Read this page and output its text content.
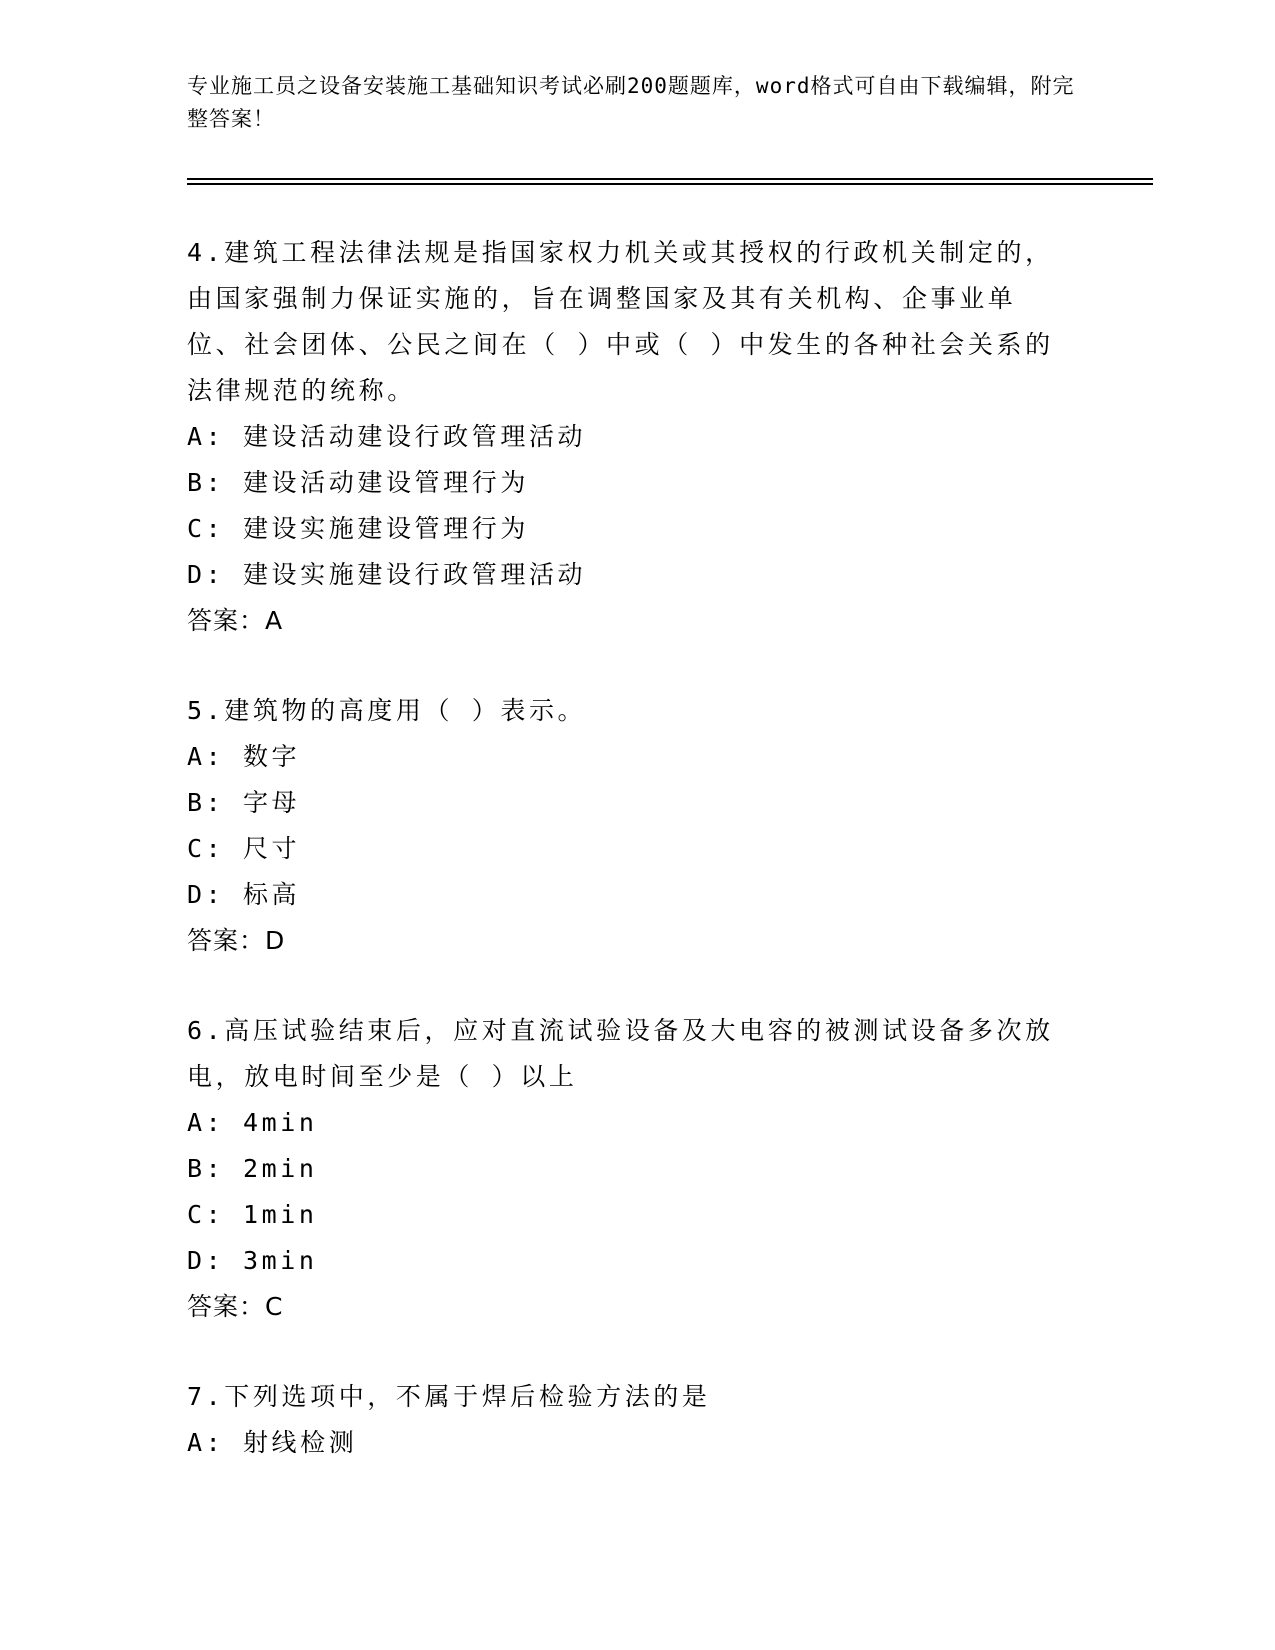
专业施工员之设备安装施工基础知识考试必刷200题题库，word格式可自由下载编辑，附完整答案！
4.建筑工程法律法规是指国家权力机关或其授权的行政机关制定的，由国家强制力保证实施的，旨在调整国家及其有关机构、企事业单位、社会团体、公民之间在（ ）中或（ ）中发生的各种社会关系的法律规范的统称。
A: 建设活动建设行政管理活动
B: 建设活动建设管理行为
C: 建设实施建设管理行为
D: 建设实施建设行政管理活动
答案：A
5.建筑物的高度用（ ）表示。
A: 数字
B: 字母
C: 尺寸
D: 标高
答案：D
6.高压试验结束后，应对直流试验设备及大电容的被测试设备多次放电，放电时间至少是（ ）以上
A: 4min
B: 2min
C: 1min
D: 3min
答案：C
7.下列选项中，不属于焊后检验方法的是
A: 射线检测
